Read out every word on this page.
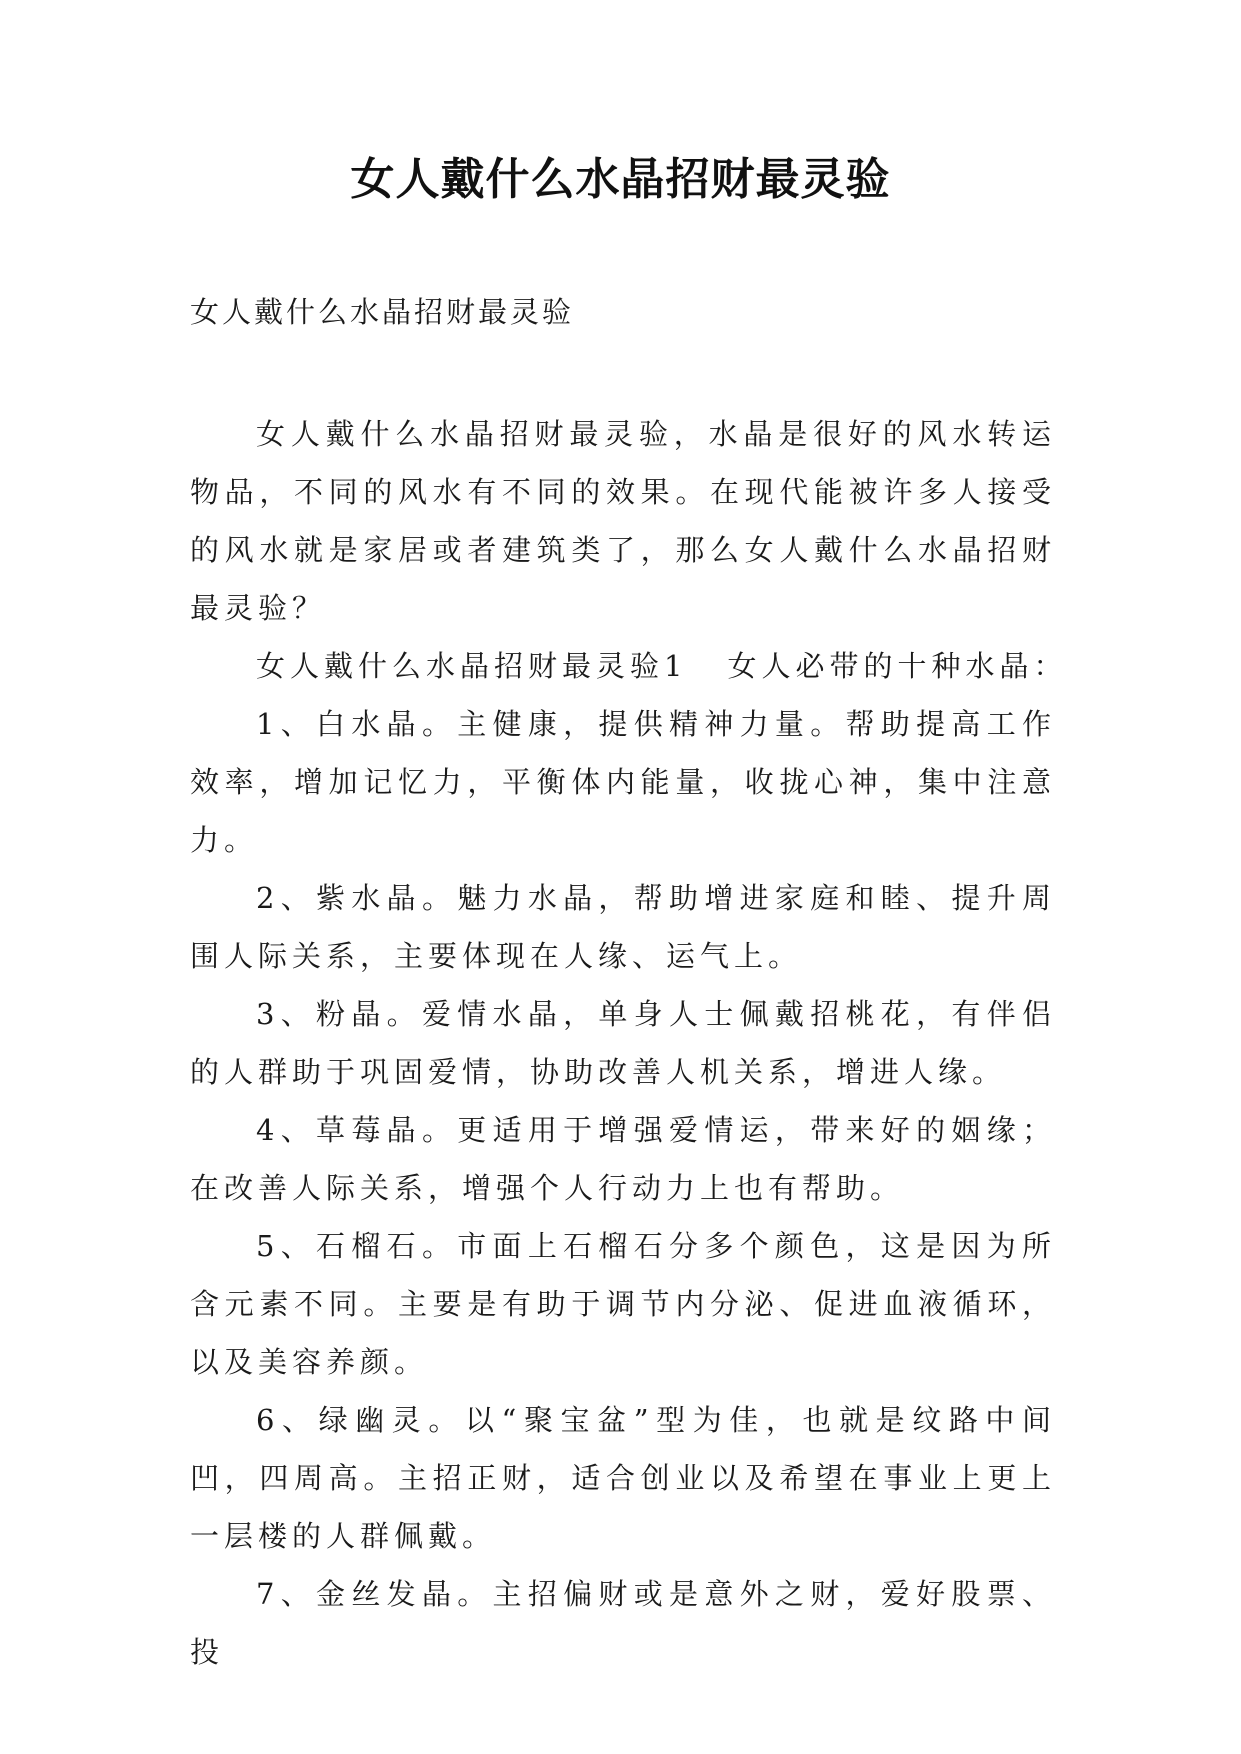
女人戴什么水晶招财最灵验
女人戴什么水晶招财最灵验

女人戴什么水晶招财最灵验，水晶是很好的风水转运物品，不同的风水有不同的效果。在现代能被许多人接受的风水就是家居或者建筑类了，那么女人戴什么水晶招财最灵验？

女人戴什么水晶招财最灵验1 女人必带的十种水晶：

1、白水晶。主健康，提供精神力量。帮助提高工作效率，增加记忆力，平衡体内能量，收拢心神，集中注意力。

2、紫水晶。魅力水晶，帮助增进家庭和睦、提升周围人际关系，主要体现在人缘、运气上。

3、粉晶。爱情水晶，单身人士佩戴招桃花，有伴侣的人群助于巩固爱情，协助改善人机关系，增进人缘。

4、草莓晶。更适用于增强爱情运，带来好的姻缘；在改善人际关系，增强个人行动力上也有帮助。

5、石榴石。市面上石榴石分多个颜色，这是因为所含元素不同。主要是有助于调节内分泌、促进血液循环，以及美容养颜。

6、绿幽灵。以“聚宝盆”型为佳，也就是纹路中间凹，四周高。主招正财，适合创业以及希望在事业上更上一层楼的人群佩戴。

7、金丝发晶。主招偏财或是意外之财，爱好股票、投
